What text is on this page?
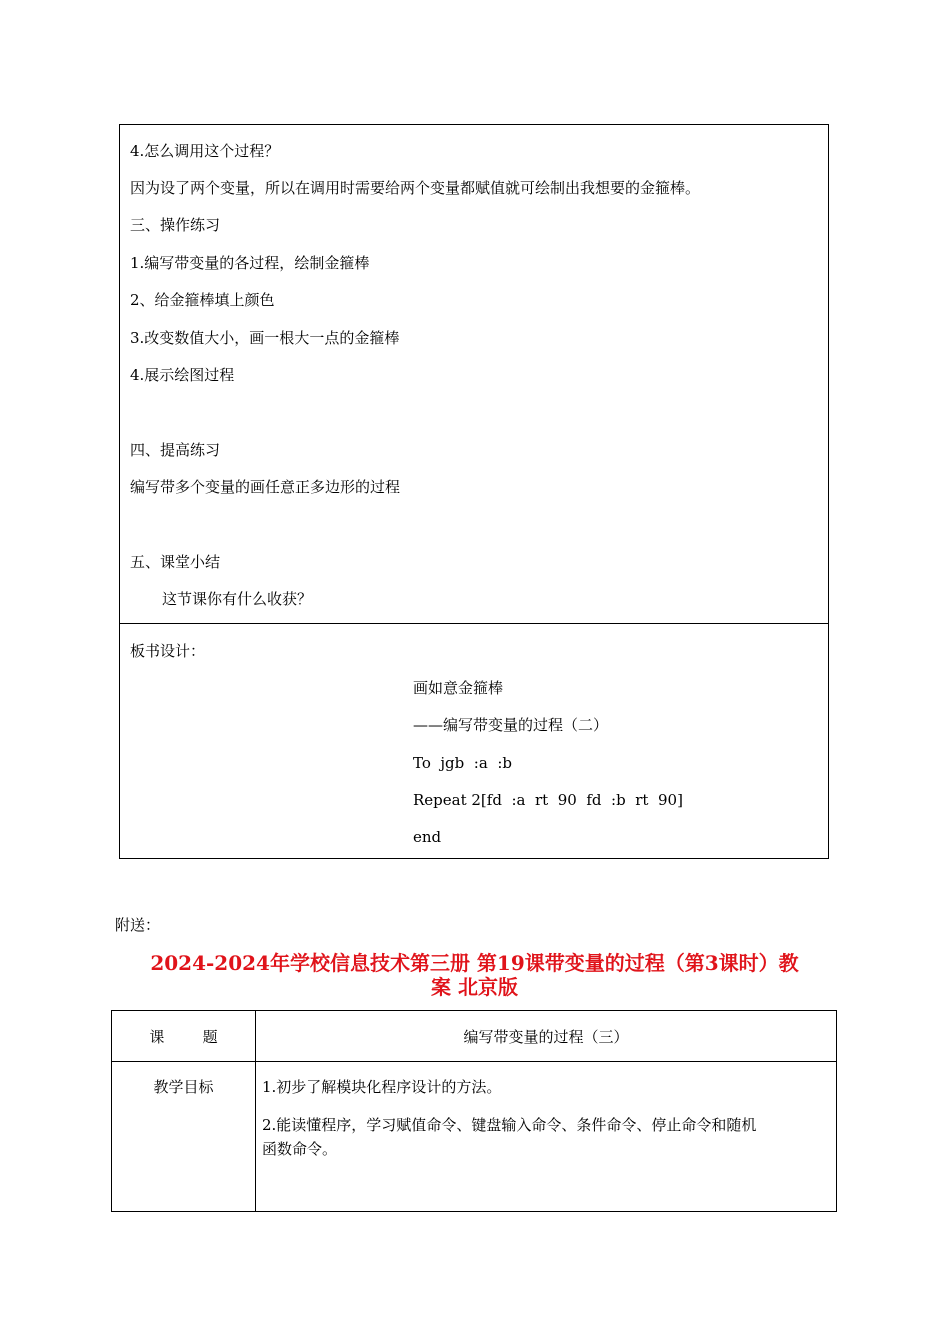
4.怎么调用这个过程？
因为设了两个变量，所以在调用时需要给两个变量都赋值就可绘制出我想要的金箍棒。
三、操作练习
1.编写带变量的各过程，绘制金箍棒
2、给金箍棒填上颜色
3.改变数值大小，画一根大一点的金箍棒
4.展示绘图过程
四、提高练习
编写带多个变量的画任意正多边形的过程
五、课堂小结
这节课你有什么收获？
板书设计：
画如意金箍棒
——编写带变量的过程（二）
To  jgb  :a  :b
Repeat 2[fd  :a  rt  90  fd  :b  rt  90]
end
附送：
2024-2024年学校信息技术第三册 第19课带变量的过程（第3课时）教
案 北京版
课        题	编写带变量的过程（三）
教学目标	1.初步了解模块化程序设计的方法。
2.能读懂程序，学习赋值命令、键盘输入命令、条件命令、停止命令和随机
函数命令。
